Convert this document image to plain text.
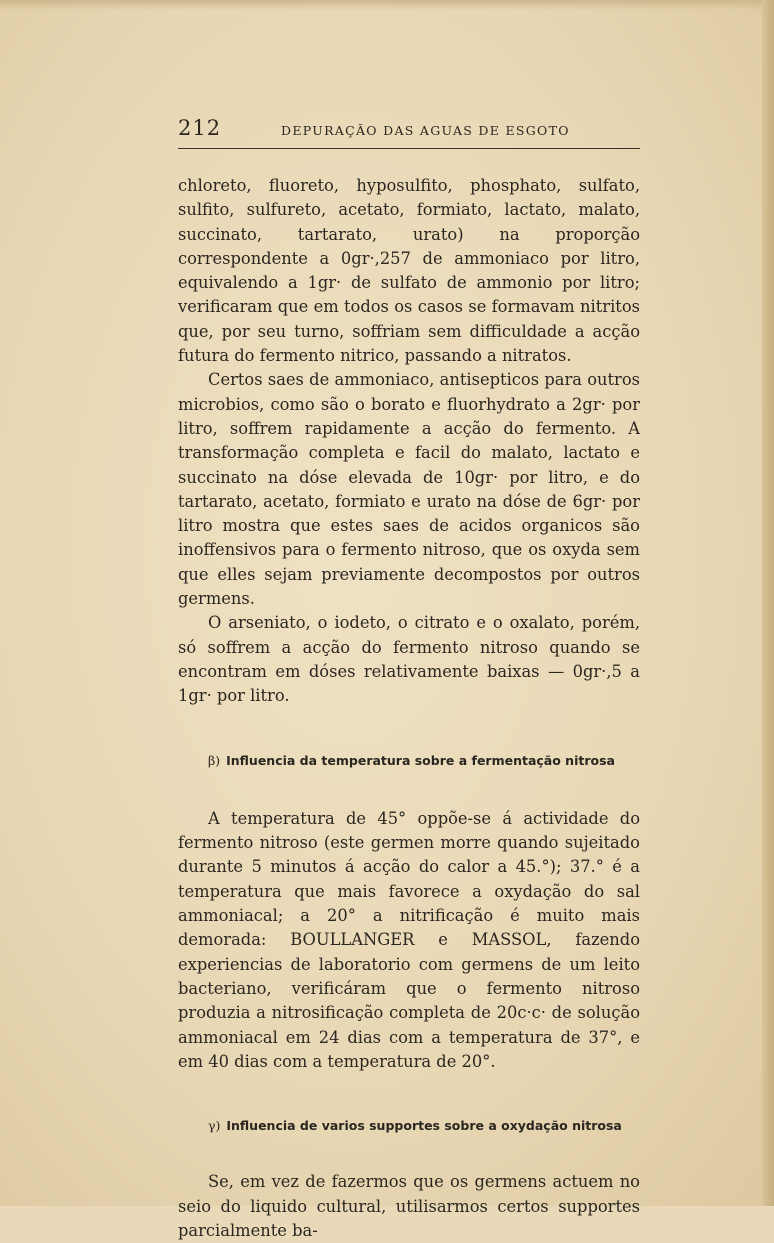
212	DEPURAÇÃO DAS AGUAS DE ESGOTO

chloreto, fluoreto, hyposulfito, phosphato, sulfato, sulfito, sulfureto, acetato, formiato, lactato, malato, succinato, tartarato, urato) na proporção correspondente a 0gr·,257 de ammoniaco por litro, equivalendo a 1gr· de sulfato de ammonio por litro; verificaram que em todos os casos se formavam nitritos que, por seu turno, soffriam sem difficuldade a acção futura do fermento nitrico, passando a nitratos.

Certos saes de ammoniaco, antisepticos para outros microbios, como são o borato e fluorhydrato a 2gr· por litro, soffrem rapidamente a acção do fermento. A transformação completa e facil do malato, lactato e succinato na dóse elevada de 10gr· por litro, e do tartarato, acetato, formiato e urato na dóse de 6gr· por litro mostra que estes saes de acidos organicos são inoffensivos para o fermento nitroso, que os oxyda sem que elles sejam previamente decompostos por outros germens.

O arseniato, o iodeto, o citrato e o oxalato, porém, só soffrem a acção do fermento nitroso quando se encontram em dóses relativamente baixas — 0gr·,5 a 1gr· por litro.

β) Influencia da temperatura sobre a fermentação nitrosa

A temperatura de 45° oppõe-se á actividade do fermento nitroso (este germen morre quando sujeitado durante 5 minutos á acção do calor a 45.°); 37.° é a temperatura que mais favorece a oxydação do sal ammoniacal; a 20° a nitrificação é muito mais demorada: BOULLANGER e MASSOL, fazendo experiencias de laboratorio com germens de um leito bacteriano, verificáram que o fermento nitroso produzia a nitrosificação completa de 20c·c· de solução ammoniacal em 24 dias com a temperatura de 37°, e em 40 dias com a temperatura de 20°.

γ) Influencia de varios supportes sobre a oxydação nitrosa

Se, em vez de fazermos que os germens actuem no seio do liquido cultural, utilisarmos certos supportes parcialmente ba-
